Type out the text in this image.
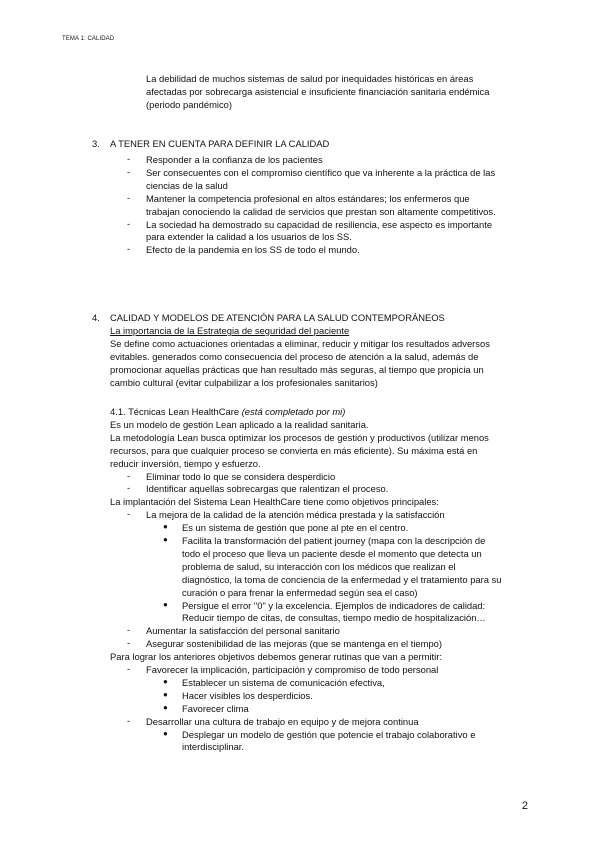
TEMA 1: CALIDAD
La debilidad de muchos sistemas de salud por inequidades históricas en áreas
afectadas por sobrecarga asistencial e insuficiente financiación sanitaria endémica
(periodo pandémico)
3. A TENER EN CUENTA PARA DEFINIR LA CALIDAD
- Responder a la confianza de los pacientes
- Ser consecuentes con el compromiso científico que va inherente a la práctica de las
ciencias de la salud
- Mantener la competencia profesional en altos estándares; los enfermeros que
trabajan conociendo la calidad de servicios que prestan son altamente competitivos.
- La sociedad ha demostrado su capacidad de resiliencia, ese aspecto es importante
para extender la calidad a los usuarios de los SS.
- Efecto de la pandemia en los SS de todo el mundo.
4. CALIDAD Y MODELOS DE ATENCIÓN PARA LA SALUD CONTEMPORÁNEOS
La importancia de la Estrategia de seguridad del paciente
Se define como actuaciones orientadas a eliminar, reducir y mitigar los resultados adversos
evitables. generados como consecuencia del proceso de atención a la salud, además de
promocionar aquellas prácticas que han resultado más seguras, al tiempo que propicia un
cambio cultural (evitar culpabilizar a los profesionales sanitarios)
4.1. Técnicas Lean HealthCare (está completado por mi)
Es un modelo de gestión Lean aplicado a la realidad sanitaria.
La metodología Lean busca optimizar los procesos de gestión y productivos (utilizar menos
recursos, para que cualquier proceso se convierta en más eficiente). Su máxima está en
reducir inversión, tiempo y esfuerzo.
- Eliminar todo lo que se considera desperdicio
- Identificar aquellas sobrecargas que ralentizan el proceso.
La implantación del Sistema Lean HealthCare tiene como objetivos principales:
- La mejora de la calidad de la atención médica prestada y la satisfacción
● Es un sistema de gestión que pone al pte en el centro.
● Facilita la transformación del patient journey (mapa con la descripción de
todo el proceso que lleva un paciente desde el momento que detecta un
problema de salud, su interacción con los médicos que realizan el
diagnóstico, la toma de conciencia de la enfermedad y el tratamiento para su
curación o para frenar la enfermedad según sea el caso)
● Persigue el error "0" y la excelencia. Ejemplos de indicadores de calidad:
Reducir tiempo de citas, de consultas, tiempo medio de hospitalización…
- Aumentar la satisfacción del personal sanitario
- Asegurar sostenibilidad de las mejoras (que se mantenga en el tiempo)
Para lograr los anteriores objetivos debemos generar rutinas que van a permitir:
- Favorecer la implicación, participación y compromiso de todo personal
● Establecer un sistema de comunicación efectiva,
● Hacer visibles los desperdicios.
● Favorecer clima
- Desarrollar una cultura de trabajo en equipo y de mejora continua
● Desplegar un modelo de gestión que potencie el trabajo colaborativo e
interdisciplinar.
2
